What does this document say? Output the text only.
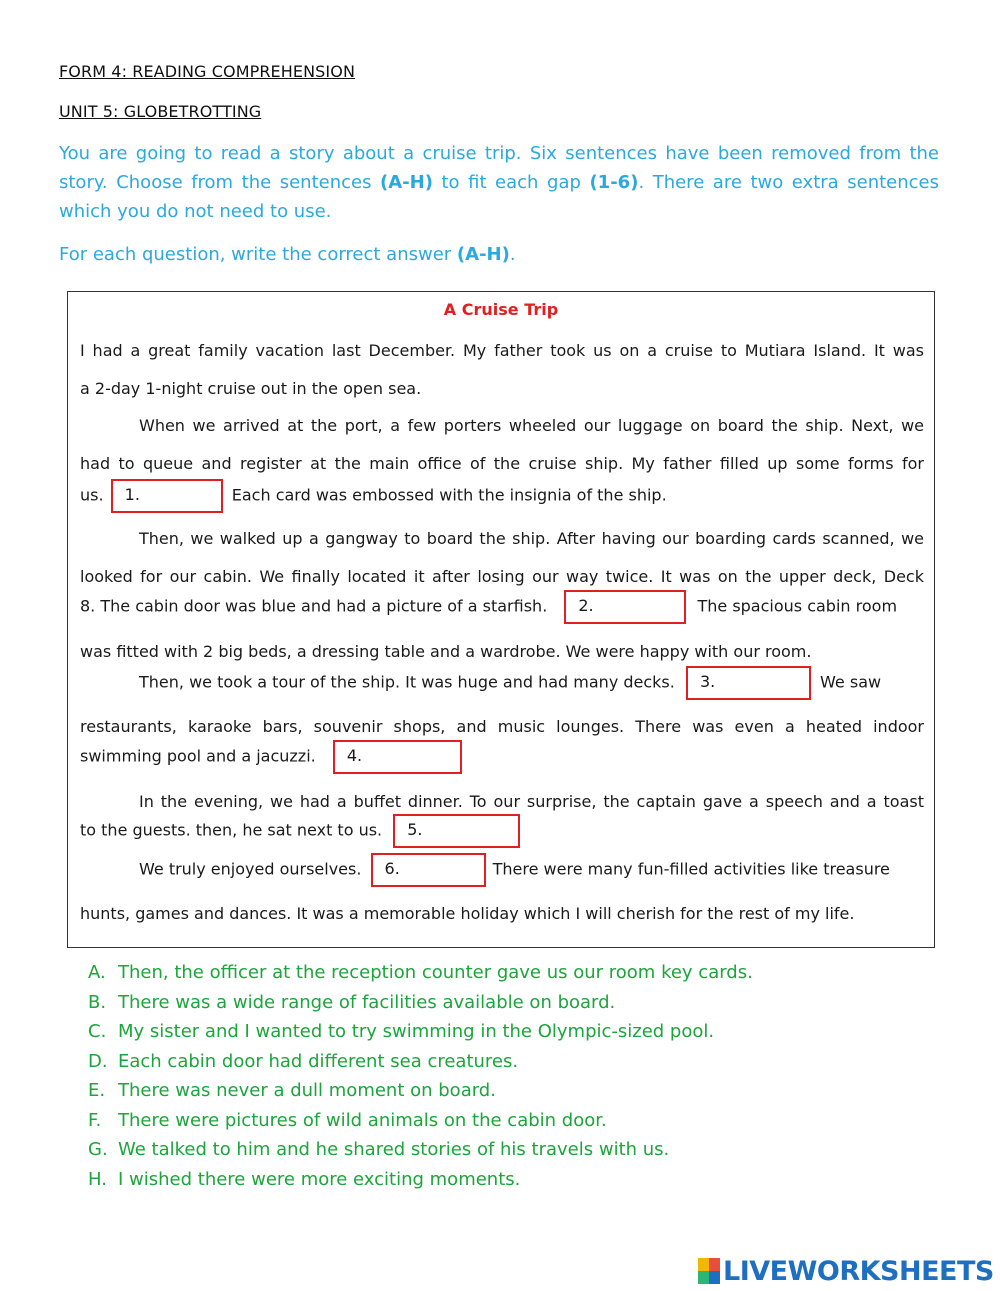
FORM 4: READING COMPREHENSION
UNIT 5: GLOBETROTTING
You are going to read a story about a cruise trip. Six sentences have been removed from the story. Choose from the sentences (A-H) to fit each gap (1-6). There are two extra sentences which you do not need to use.
For each question, write the correct answer (A-H).
A Cruise Trip
I had a great family vacation last December. My father took us on a cruise to Mutiara Island. It was
a 2-day 1-night cruise out in the open sea.
When we arrived at the port, a few porters wheeled our luggage on board the ship. Next, we
had to queue and register at the main office of the cruise ship. My father filled up some forms for
us. 1.	Each card was embossed with the insignia of the ship.
Then, we walked up a gangway to board the ship. After having our boarding cards scanned, we
looked for our cabin. We finally located it after losing our way twice. It was on the upper deck, Deck
8. The cabin door was blue and had a picture of a starfish. 2.	The spacious cabin room
was fitted with 2 big beds, a dressing table and a wardrobe. We were happy with our room.
Then, we took a tour of the ship. It was huge and had many decks. 3.	We saw
restaurants, karaoke bars, souvenir shops, and music lounges. There was even a heated indoor
swimming pool and a jacuzzi. 4.
In the evening, we had a buffet dinner. To our surprise, the captain gave a speech and a toast
to the guests. then, he sat next to us. 5.
We truly enjoyed ourselves. 6.	There were many fun-filled activities like treasure
hunts, games and dances. It was a memorable holiday which I will cherish for the rest of my life.
A. Then, the officer at the reception counter gave us our room key cards.
B. There was a wide range of facilities available on board.
C. My sister and I wanted to try swimming in the Olympic-sized pool.
D. Each cabin door had different sea creatures.
E. There was never a dull moment on board.
F. There were pictures of wild animals on the cabin door.
G. We talked to him and he shared stories of his travels with us.
H. I wished there were more exciting moments.
LIVEWORKSHEETS
